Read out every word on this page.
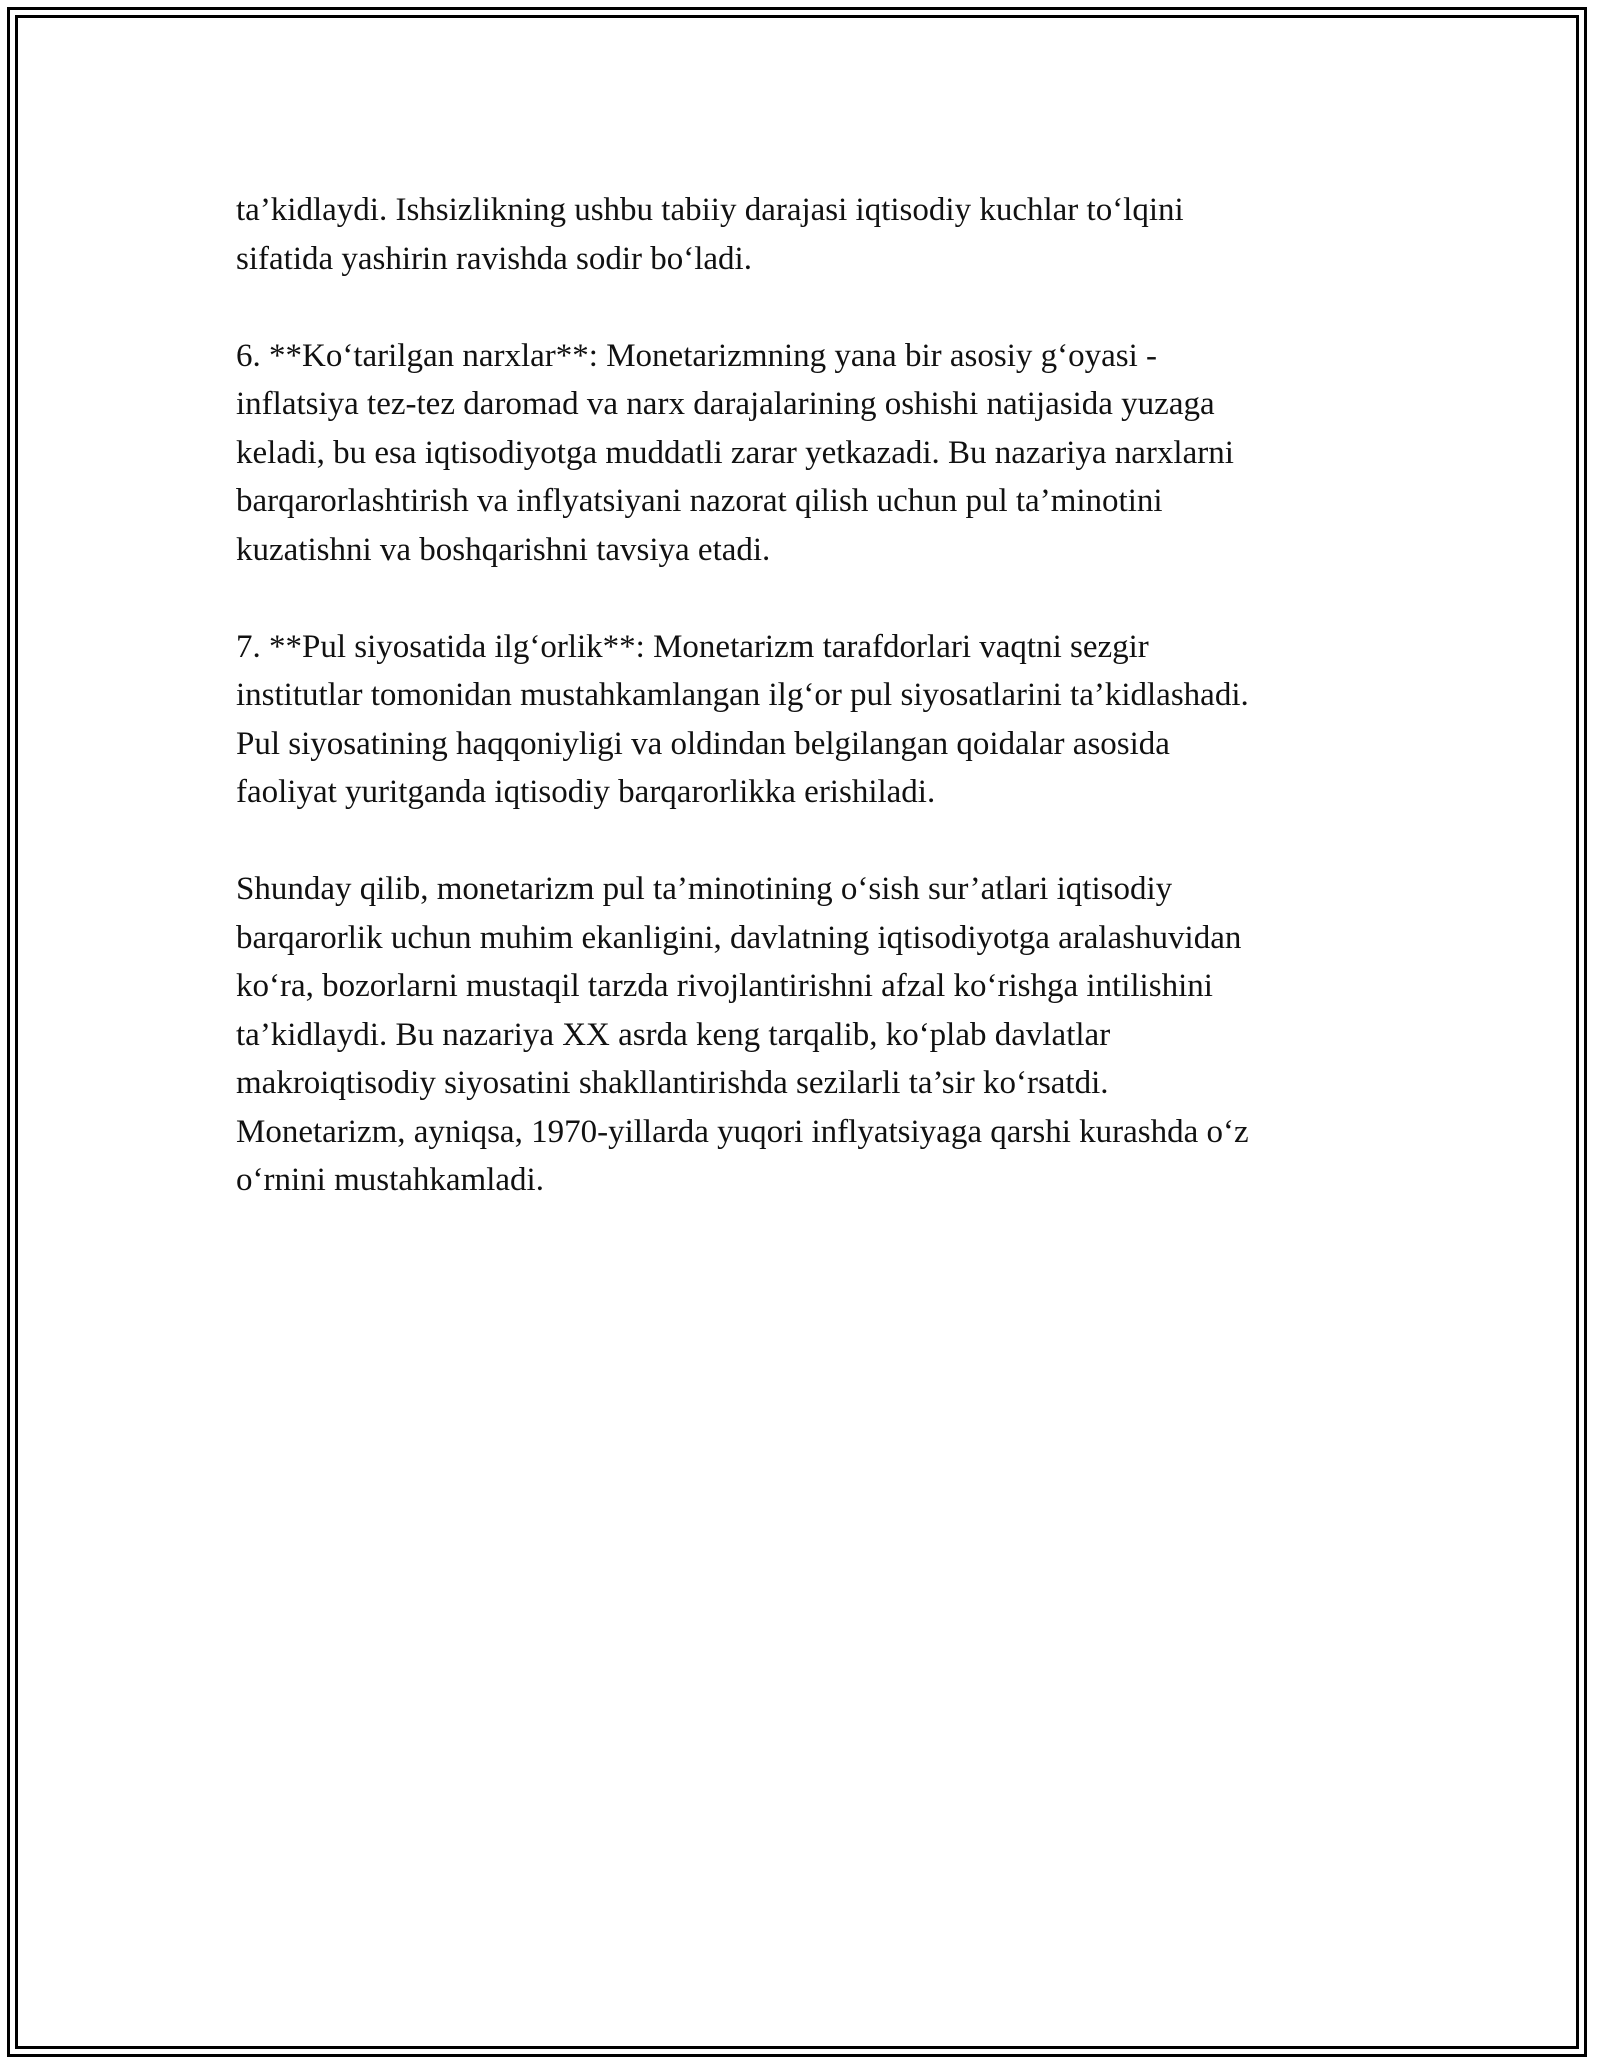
ta’kidlaydi. Ishsizlikning ushbu tabiiy darajasi iqtisodiy kuchlar to‘lqini
sifatida yashirin ravishda sodir bo‘ladi.

6. **Ko‘tarilgan narxlar**: Monetarizmning yana bir asosiy g‘oyasi -
inflatsiya tez-tez daromad va narx darajalarining oshishi natijasida yuzaga
keladi, bu esa iqtisodiyotga muddatli zarar yetkazadi. Bu nazariya narxlarni
barqarorlashtirish va inflyatsiyani nazorat qilish uchun pul ta’minotini
kuzatishni va boshqarishni tavsiya etadi.

7. **Pul siyosatida ilg‘orlik**: Monetarizm tarafdorlari vaqtni sezgir
institutlar tomonidan mustahkamlangan ilg‘or pul siyosatlarini ta’kidlashadi.
Pul siyosatining haqqoniyligi va oldindan belgilangan qoidalar asosida
faoliyat yuritganda iqtisodiy barqarorlikka erishiladi.

Shunday qilib, monetarizm pul ta’minotining o‘sish sur’atlari iqtisodiy
barqarorlik uchun muhim ekanligini, davlatning iqtisodiyotga aralashuvidan
ko‘ra, bozorlarni mustaqil tarzda rivojlantirishni afzal ko‘rishga intilishini
ta’kidlaydi. Bu nazariya XX asrda keng tarqalib, ko‘plab davlatlar
makroiqtisodiy siyosatini shakllantirishda sezilarli ta’sir ko‘rsatdi.
Monetarizm, ayniqsa, 1970-yillarda yuqori inflyatsiyaga qarshi kurashda o‘z
o‘rnini mustahkamladi.
